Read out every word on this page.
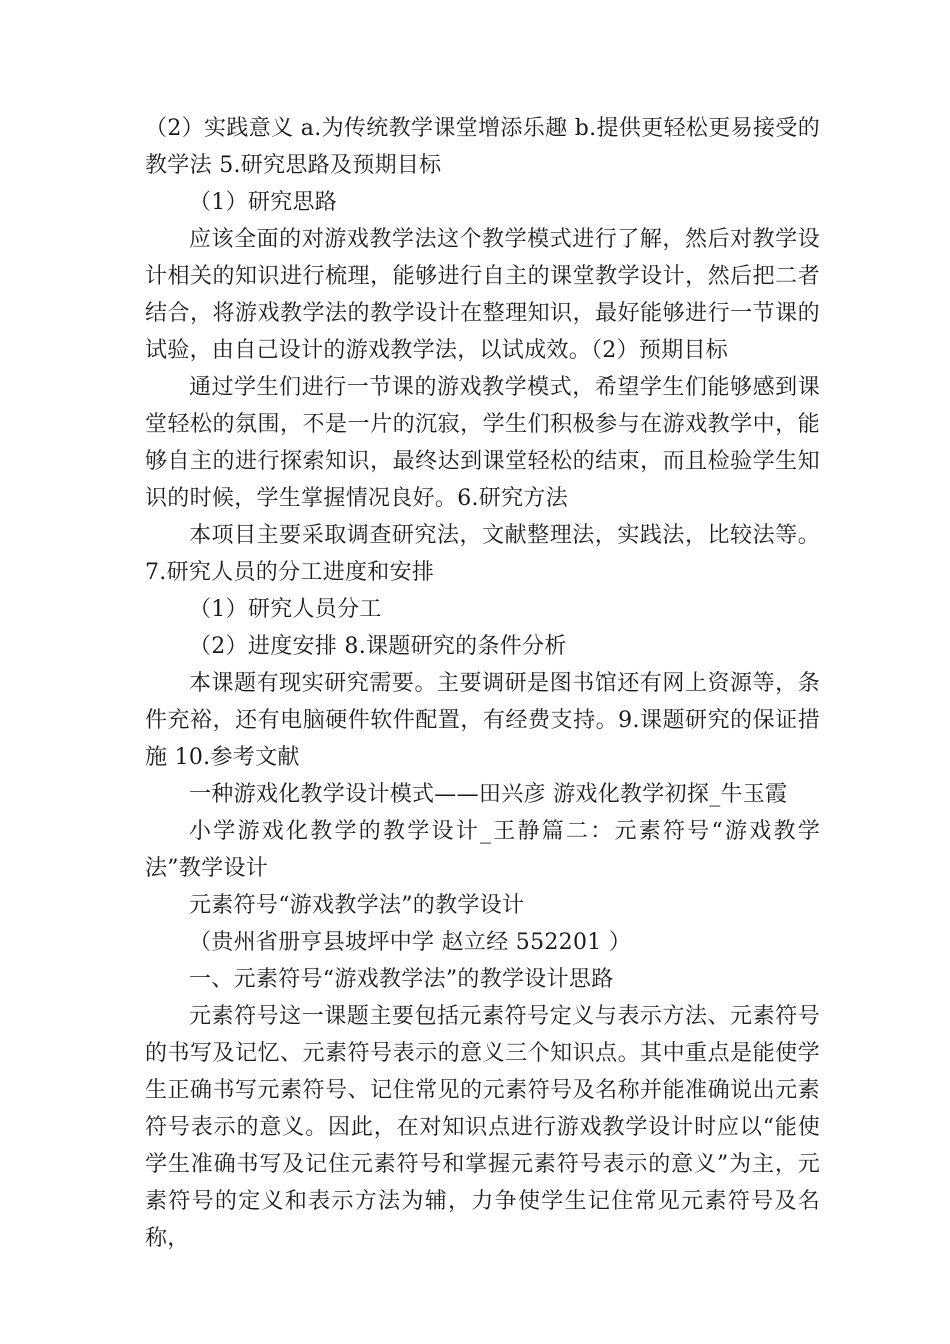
（2）实践意义 a.为传统教学课堂增添乐趣 b.提供更轻松更易接受的教学法 5.研究思路及预期目标

（1）研究思路

应该全面的对游戏教学法这个教学模式进行了解，然后对教学设计相关的知识进行梳理，能够进行自主的课堂教学设计，然后把二者结合，将游戏教学法的教学设计在整理知识，最好能够进行一节课的试验，由自己设计的游戏教学法，以试成效。（2）预期目标

通过学生们进行一节课的游戏教学模式，希望学生们能够感到课堂轻松的氛围，不是一片的沉寂，学生们积极参与在游戏教学中，能够自主的进行探索知识，最终达到课堂轻松的结束，而且检验学生知识的时候，学生掌握情况良好。6.研究方法

本项目主要采取调查研究法，文献整理法，实践法，比较法等。7.研究人员的分工进度和安排

（1）研究人员分工

（2）进度安排 8.课题研究的条件分析

本课题有现实研究需要。主要调研是图书馆还有网上资源等，条件充裕，还有电脑硬件软件配置，有经费支持。9.课题研究的保证措施 10.参考文献

一种游戏化教学设计模式——田兴彦 游戏化教学初探_牛玉霞

小学游戏化教学的教学设计_王静篇二：元素符号“游戏教学法”教学设计

元素符号“游戏教学法”的教学设计

（贵州省册亨县坡坪中学 赵立经 552201 ）

一、元素符号“游戏教学法”的教学设计思路

元素符号这一课题主要包括元素符号定义与表示方法、元素符号的书写及记忆、元素符号表示的意义三个知识点。其中重点是能使学生正确书写元素符号、记住常见的元素符号及名称并能准确说出元素符号表示的意义。因此，在对知识点进行游戏教学设计时应以“能使学生准确书写及记住元素符号和掌握元素符号表示的意义”为主，元素符号的定义和表示方法为辅，力争使学生记住常见元素符号及名称，
